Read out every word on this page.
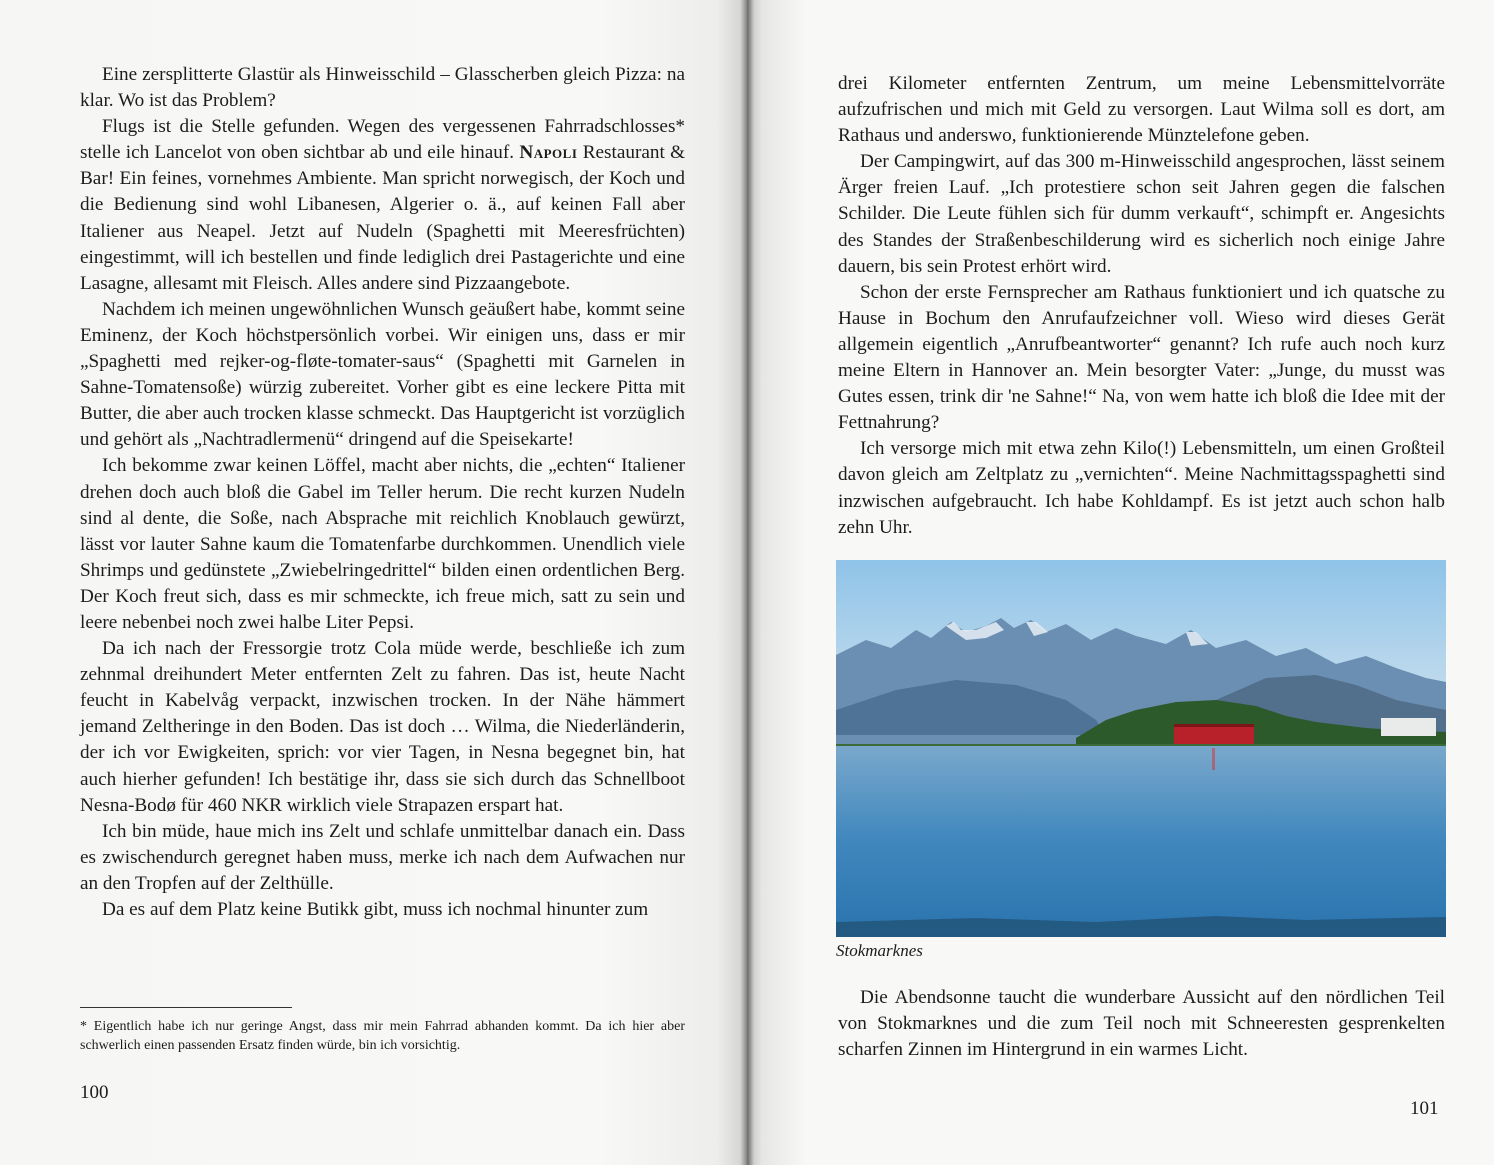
Eine zersplitterte Glastür als Hinweisschild – Glasscherben gleich Pizza: na klar. Wo ist das Problem?

Flugs ist die Stelle gefunden. Wegen des vergessenen Fahrradschlosses* stelle ich Lancelot von oben sichtbar ab und eile hinauf. Napoli Restaurant & Bar! Ein feines, vornehmes Ambiente. Man spricht norwegisch, der Koch und die Bedienung sind wohl Libanesen, Algerier o. ä., auf keinen Fall aber Italiener aus Neapel. Jetzt auf Nudeln (Spaghetti mit Meeresfrüchten) eingestimmt, will ich bestellen und finde lediglich drei Pastagerichte und eine Lasagne, allesamt mit Fleisch. Alles andere sind Pizzaangebote.

Nachdem ich meinen ungewöhnlichen Wunsch geäußert habe, kommt seine Eminenz, der Koch höchstpersönlich vorbei. Wir einigen uns, dass er mir „Spaghetti med rejker-og-fløte-tomater-saus“ (Spaghetti mit Garnelen in Sahne-Tomatensoße) würzig zubereitet. Vorher gibt es eine leckere Pitta mit Butter, die aber auch trocken klasse schmeckt. Das Hauptgericht ist vorzüglich und gehört als „Nachtradlermenü“ dringend auf die Speisekarte!

Ich bekomme zwar keinen Löffel, macht aber nichts, die „echten“ Italiener drehen doch auch bloß die Gabel im Teller herum. Die recht kurzen Nudeln sind al dente, die Soße, nach Absprache mit reichlich Knoblauch gewürzt, lässt vor lauter Sahne kaum die Tomatenfarbe durchkommen. Unendlich viele Shrimps und gedünstete „Zwiebelringedrittel“ bilden einen ordentlichen Berg. Der Koch freut sich, dass es mir schmeckte, ich freue mich, satt zu sein und leere nebenbei noch zwei halbe Liter Pepsi.

Da ich nach der Fressorgie trotz Cola müde werde, beschließe ich zum zehnmal dreihundert Meter entfernten Zelt zu fahren. Das ist, heute Nacht feucht in Kabelvåg verpackt, inzwischen trocken. In der Nähe hämmert jemand Zeltheringe in den Boden. Das ist doch … Wilma, die Niederländerin, der ich vor Ewigkeiten, sprich: vor vier Tagen, in Nesna begegnet bin, hat auch hierher gefunden! Ich bestätige ihr, dass sie sich durch das Schnellboot Nesna-Bodø für 460 NKR wirklich viele Strapazen erspart hat.

Ich bin müde, haue mich ins Zelt und schlafe unmittelbar danach ein. Dass es zwischendurch geregnet haben muss, merke ich nach dem Aufwachen nur an den Tropfen auf der Zelthülle.

Da es auf dem Platz keine Butikk gibt, muss ich nochmal hinunter zum

* Eigentlich habe ich nur geringe Angst, dass mir mein Fahrrad abhanden kommt. Da ich hier aber schwerlich einen passenden Ersatz finden würde, bin ich vorsichtig.
100

drei Kilometer entfernten Zentrum, um meine Lebensmittelvorräte aufzufrischen und mich mit Geld zu versorgen. Laut Wilma soll es dort, am Rathaus und anderswo, funktionierende Münztelefone geben.

Der Campingwirt, auf das 300 m-Hinweisschild angesprochen, lässt seinem Ärger freien Lauf. „Ich protestiere schon seit Jahren gegen die falschen Schilder. Die Leute fühlen sich für dumm verkauft“, schimpft er. Angesichts des Standes der Straßenbeschilderung wird es sicherlich noch einige Jahre dauern, bis sein Protest erhört wird.

Schon der erste Fernsprecher am Rathaus funktioniert und ich quatsche zu Hause in Bochum den Anrufaufzeichner voll. Wieso wird dieses Gerät allgemein eigentlich „Anrufbeantworter“ genannt? Ich rufe auch noch kurz meine Eltern in Hannover an. Mein besorgter Vater: „Junge, du musst was Gutes essen, trink dir 'ne Sahne!“ Na, von wem hatte ich bloß die Idee mit der Fettnahrung?

Ich versorge mich mit etwa zehn Kilo(!) Lebensmitteln, um einen Großteil davon gleich am Zeltplatz zu „vernichten“. Meine Nachmittagsspaghetti sind inzwischen aufgebraucht. Ich habe Kohldampf. Es ist jetzt auch schon halb zehn Uhr.

Stokmarknes

Die Abendsonne taucht die wunderbare Aussicht auf den nördlichen Teil von Stokmarknes und die zum Teil noch mit Schneeresten gesprenkelten scharfen Zinnen im Hintergrund in ein warmes Licht.

101
